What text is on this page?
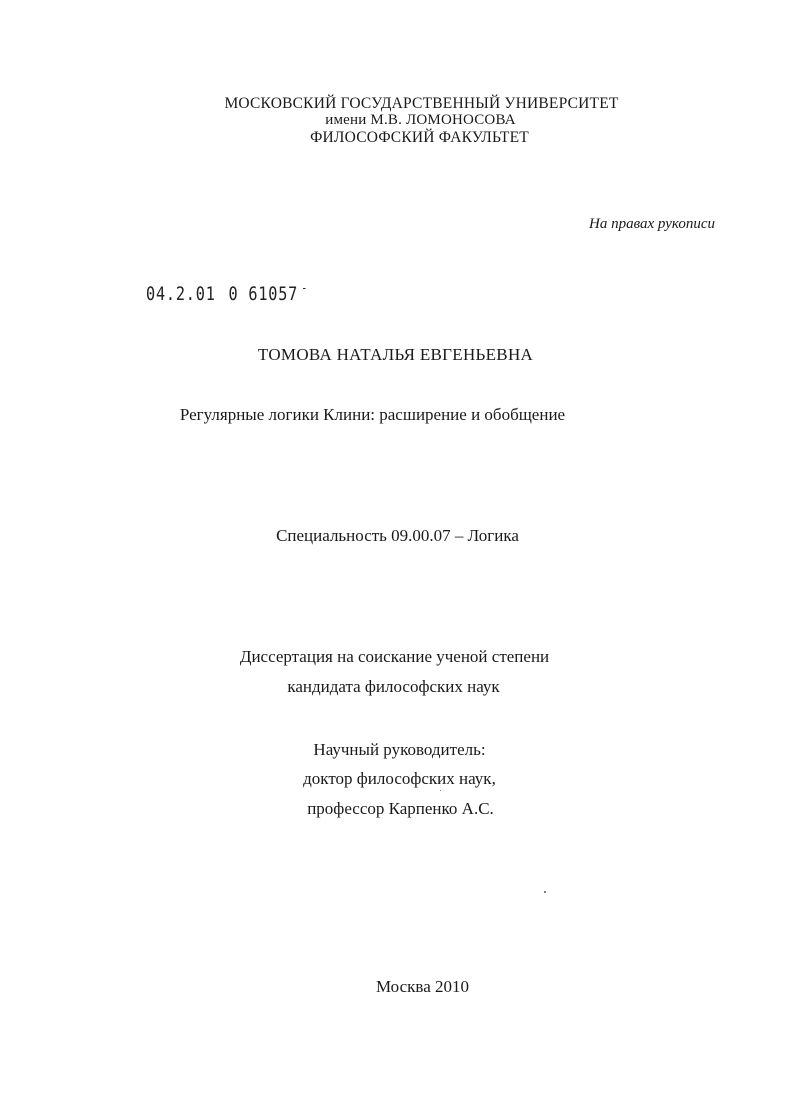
МОСКОВСКИЙ ГОСУДАРСТВЕННЫЙ УНИВЕРСИТЕТ
имени М.В. ЛОМОНОСОВА
ФИЛОСОФСКИЙ ФАКУЛЬТЕТ
На правах рукописи
04.2.01 0 61057 -
ТОМОВА НАТАЛЬЯ ЕВГЕНЬЕВНА
Регулярные логики Клини: расширение и обобщение
Специальность 09.00.07 – Логика
Диссертация на соискание ученой степени
кандидата философских наук
Научный руководитель:
доктор философских наук,
профессор Карпенко А.С.
Москва 2010
